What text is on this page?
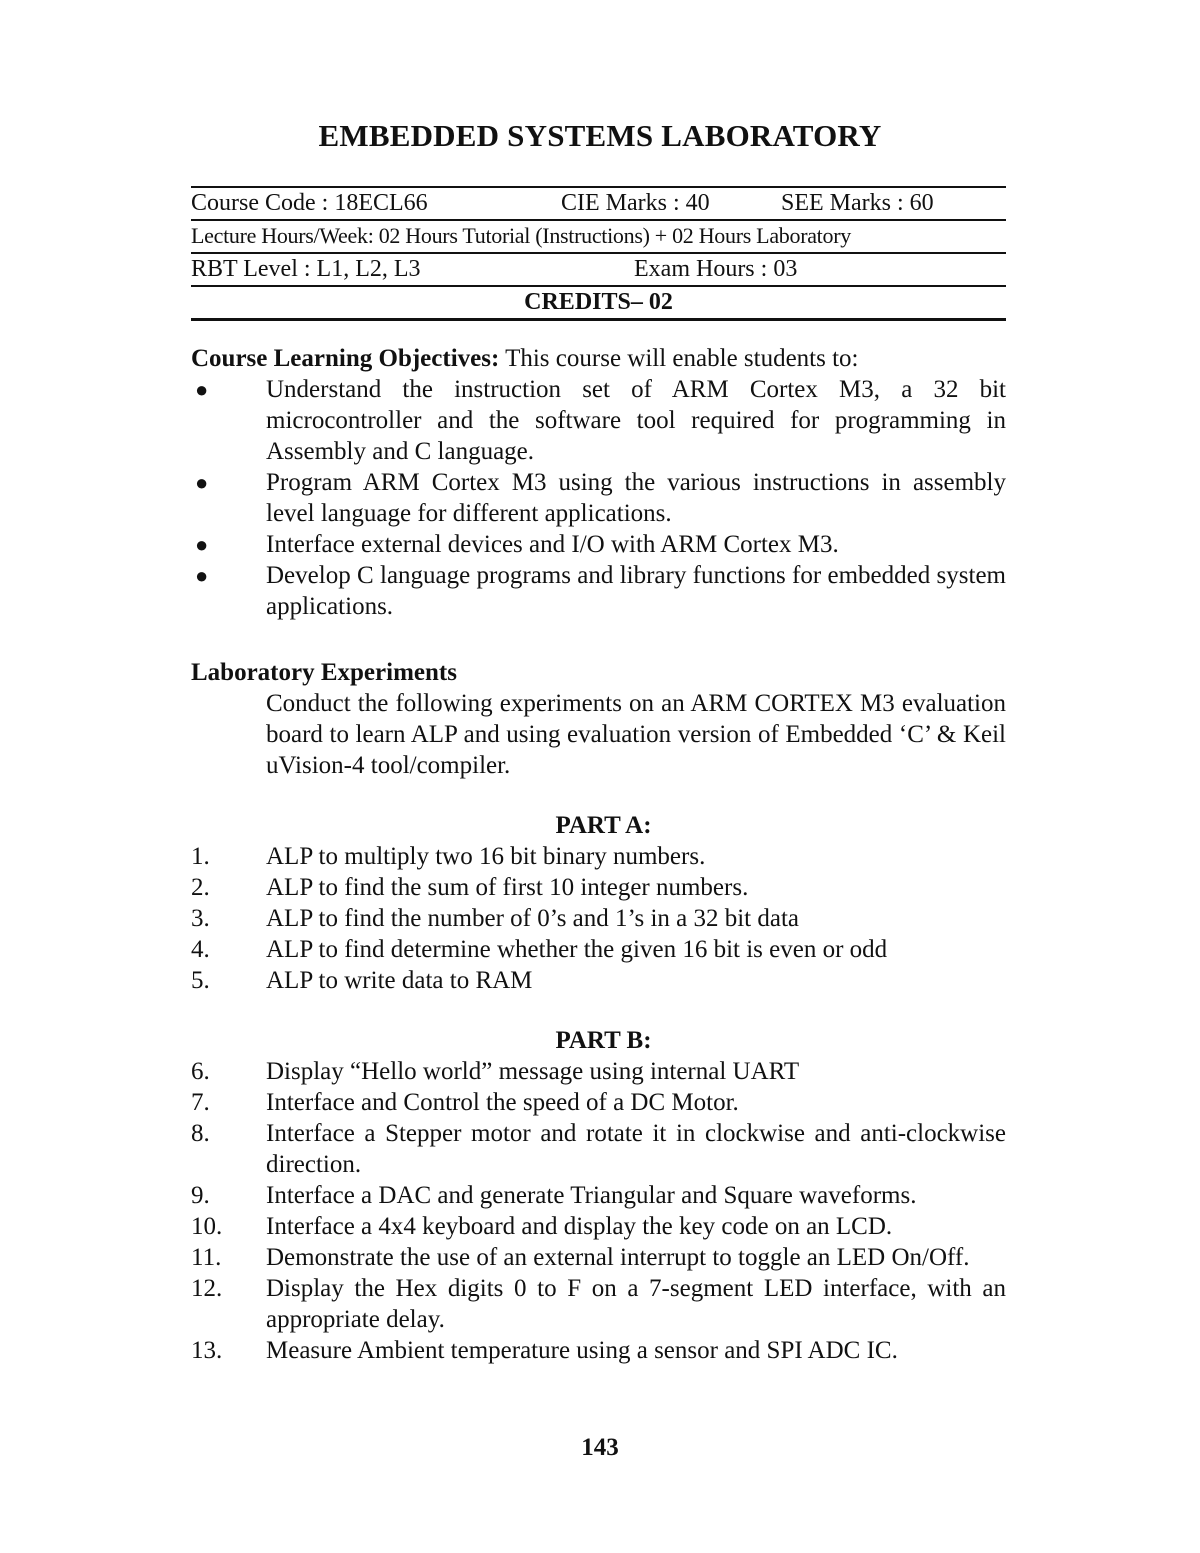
EMBEDDED SYSTEMS LABORATORY
Course Code : 18ECL66	CIE Marks : 40	SEE Marks : 60
Lecture Hours/Week: 02 Hours Tutorial (Instructions) + 02 Hours Laboratory
RBT Level : L1, L2, L3	Exam Hours : 03
CREDITS– 02
Course Learning Objectives: This course will enable students to:
● Understand the instruction set of ARM Cortex M3, a 32 bit microcontroller and the software tool required for programming in Assembly and C language.
● Program ARM Cortex M3 using the various instructions in assembly level language for different applications.
● Interface external devices and I/O with ARM Cortex M3.
● Develop C language programs and library functions for embedded system applications.
Laboratory Experiments
Conduct the following experiments on an ARM CORTEX M3 evaluation board to learn ALP and using evaluation version of Embedded ‘C’ & Keil uVision-4 tool/compiler.
PART A:
1. ALP to multiply two 16 bit binary numbers.
2. ALP to find the sum of first 10 integer numbers.
3. ALP to find the number of 0’s and 1’s in a 32 bit data
4. ALP to find determine whether the given 16 bit is even or odd
5. ALP to write data to RAM
PART B:
6. Display “Hello world” message using internal UART
7. Interface and Control the speed of a DC Motor.
8. Interface a Stepper motor and rotate it in clockwise and anti-clockwise direction.
9. Interface a DAC and generate Triangular and Square waveforms.
10. Interface a 4x4 keyboard and display the key code on an LCD.
11. Demonstrate the use of an external interrupt to toggle an LED On/Off.
12. Display the Hex digits 0 to F on a 7-segment LED interface, with an appropriate delay.
13. Measure Ambient temperature using a sensor and SPI ADC IC.
143
